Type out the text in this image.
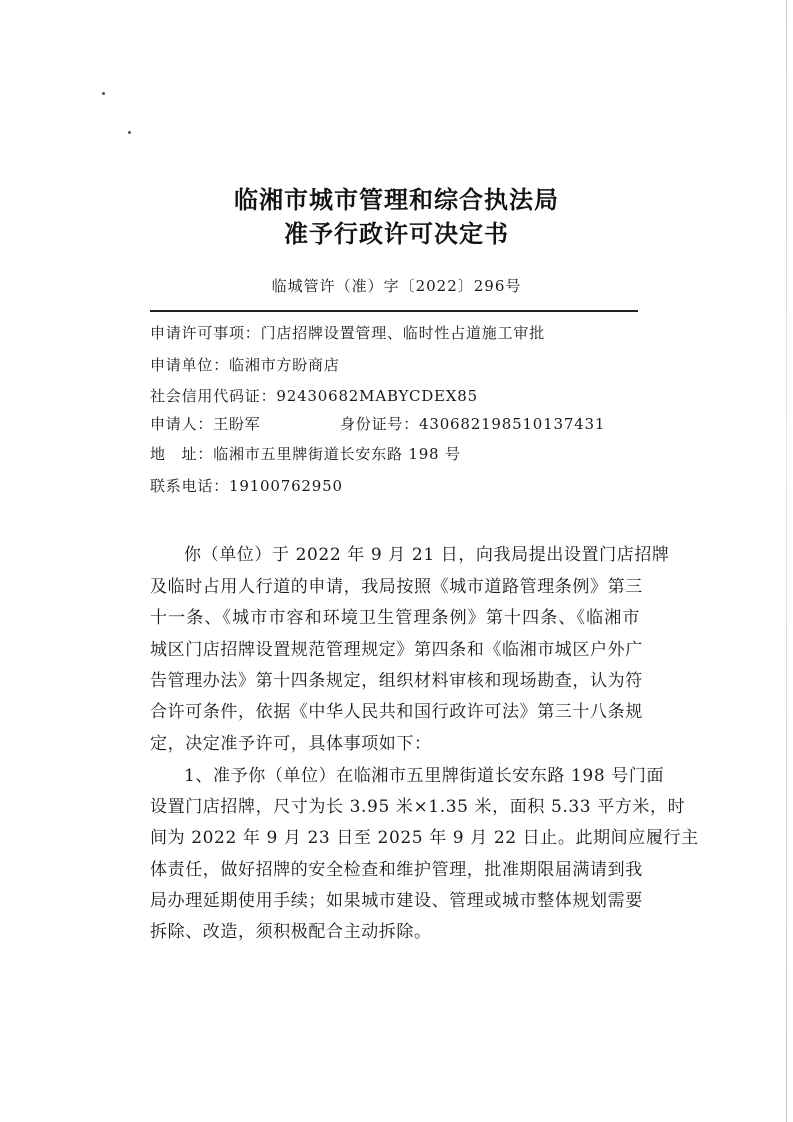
临湘市城市管理和综合执法局
准予行政许可决定书
临城管许（准）字〔2022〕296号
申请许可事项：门店招牌设置管理、临时性占道施工审批
申请单位：临湘市方盼商店
社会信用代码证：92430682MABYCDEX85
申请人：王盼军	身份证号：430682198510137431
地　址：临湘市五里牌街道长安东路 198 号
联系电话：19100762950
你（单位）于 2022 年 9 月 21 日，向我局提出设置门店招牌
及临时占用人行道的申请，我局按照《城市道路管理条例》第三
十一条、《城市市容和环境卫生管理条例》第十四条、《临湘市
城区门店招牌设置规范管理规定》第四条和《临湘市城区户外广
告管理办法》第十四条规定，组织材料审核和现场勘查，认为符
合许可条件，依据《中华人民共和国行政许可法》第三十八条规
定，决定准予许可，具体事项如下：
1、准予你（单位）在临湘市五里牌街道长安东路 198 号门面
设置门店招牌，尺寸为长 3.95 米×1.35 米，面积 5.33 平方米，时
间为 2022 年 9 月 23 日至 2025 年 9 月 22 日止。此期间应履行主
体责任，做好招牌的安全检查和维护管理，批准期限届满请到我
局办理延期使用手续；如果城市建设、管理或城市整体规划需要
拆除、改造，须积极配合主动拆除。
